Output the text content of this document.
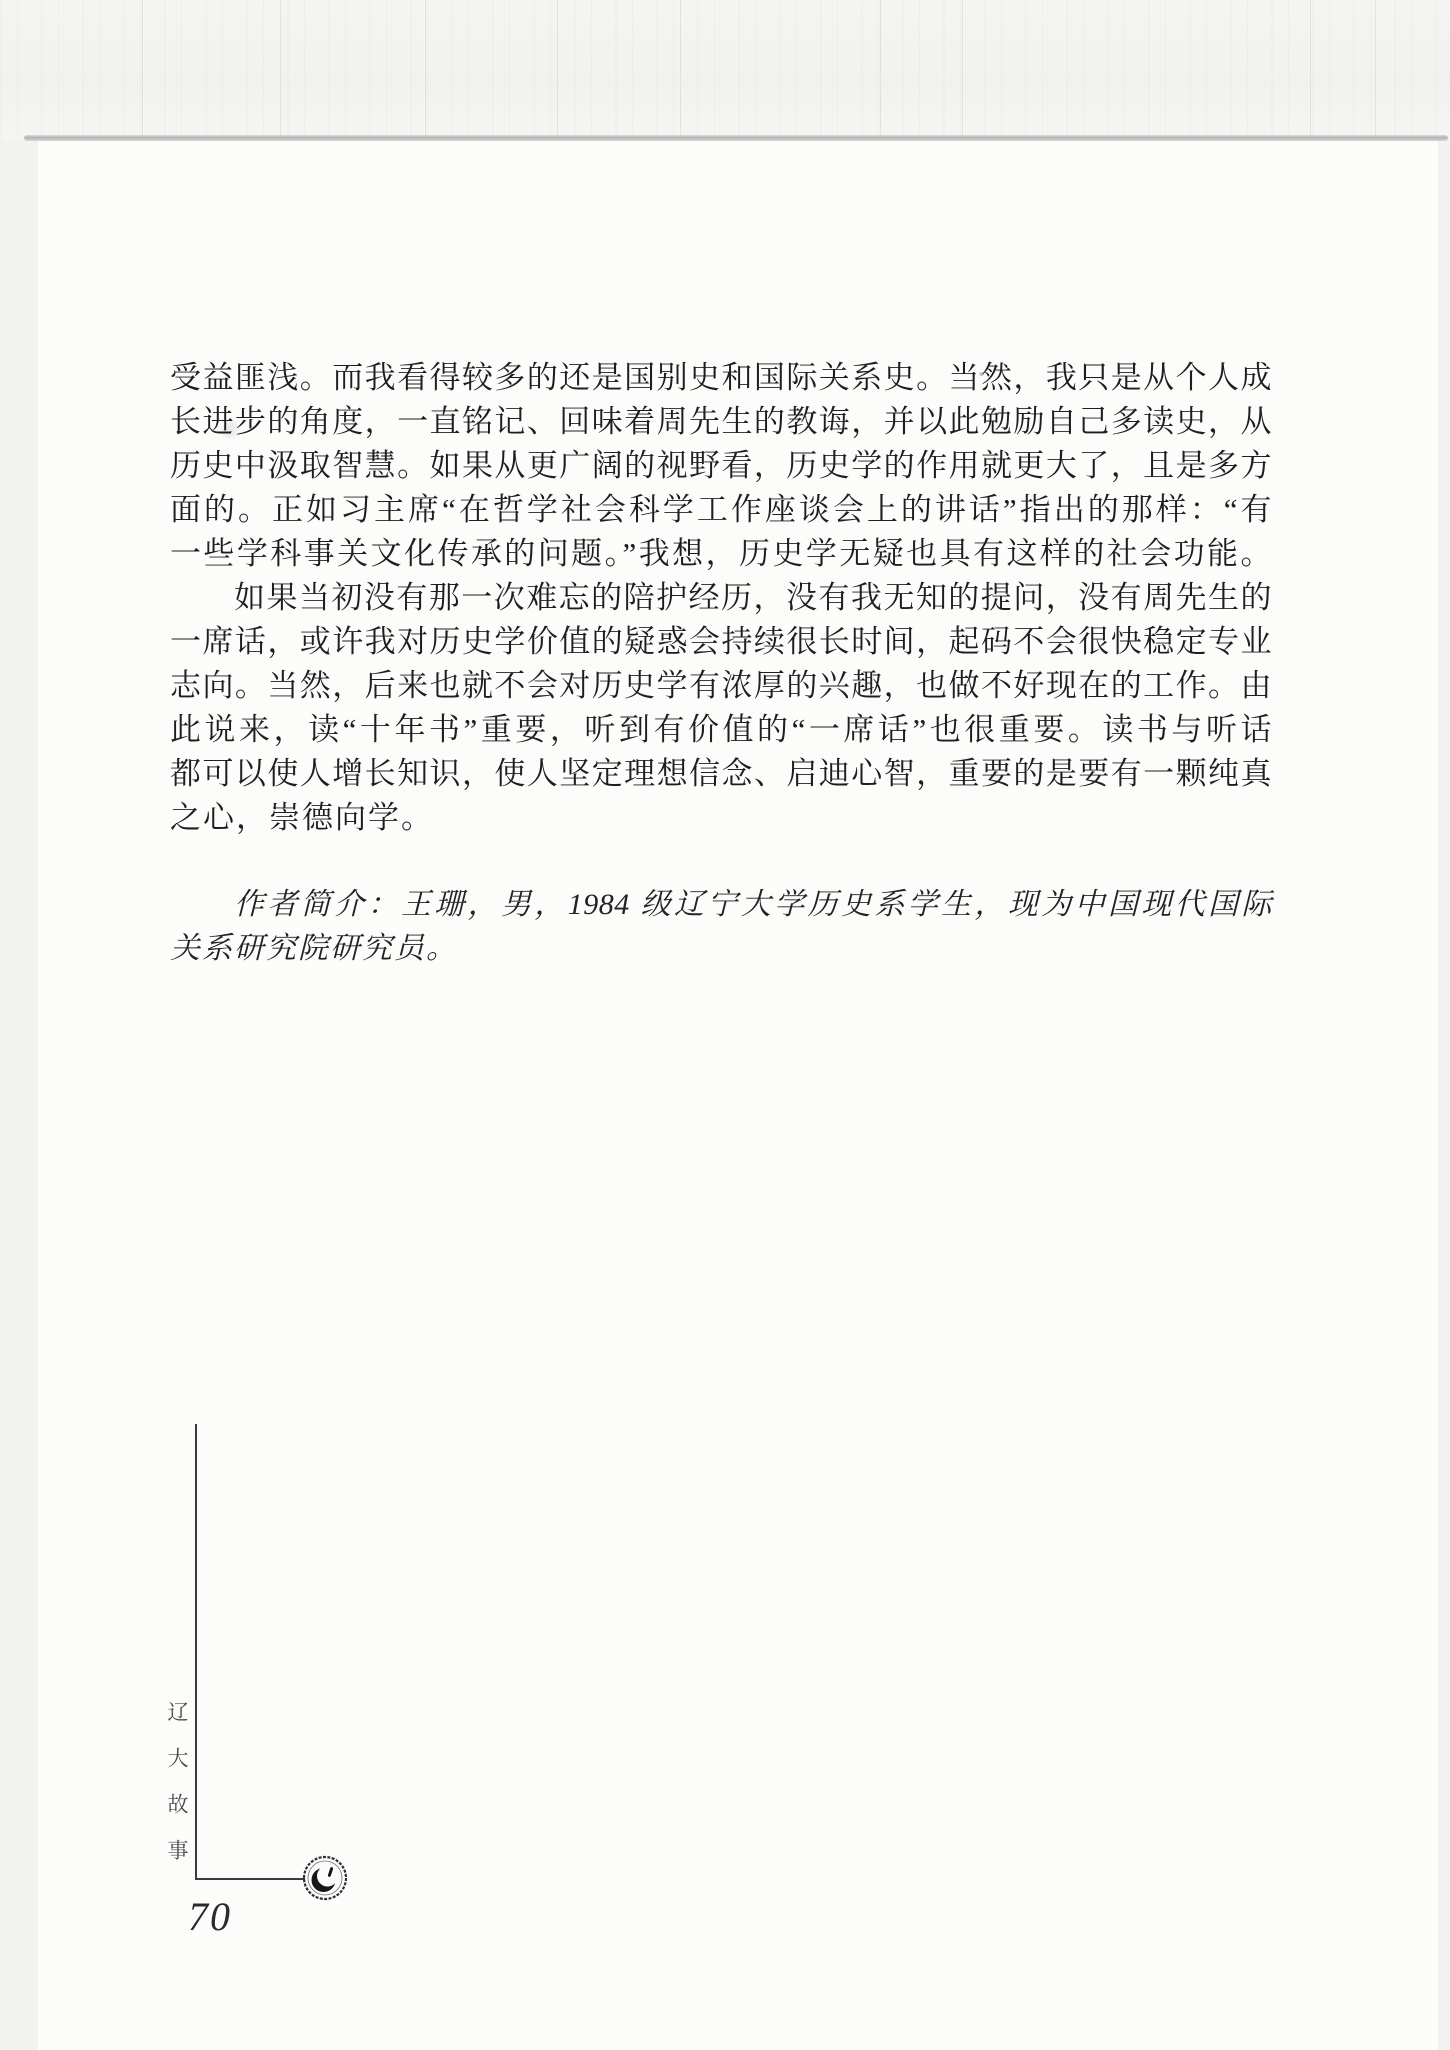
受益匪浅。而我看得较多的还是国别史和国际关系史。当然，我只是从个人成
长进步的角度，一直铭记、回味着周先生的教诲，并以此勉励自己多读史，从
历史中汲取智慧。如果从更广阔的视野看，历史学的作用就更大了，且是多方
面的。正如习主席“在哲学社会科学工作座谈会上的讲话”指出的那样：“有
一些学科事关文化传承的问题。”我想，历史学无疑也具有这样的社会功能。
如果当初没有那一次难忘的陪护经历，没有我无知的提问，没有周先生的
一席话，或许我对历史学价值的疑惑会持续很长时间，起码不会很快稳定专业
志向。当然，后来也就不会对历史学有浓厚的兴趣，也做不好现在的工作。由
此说来，读“十年书”重要，听到有价值的“一席话”也很重要。读书与听话
都可以使人增长知识，使人坚定理想信念、启迪心智，重要的是要有一颗纯真
之心，崇德向学。
作者简介：王珊，男，1984 级辽宁大学历史系学生，现为中国现代国际
关系研究院研究员。
辽大故事
70
